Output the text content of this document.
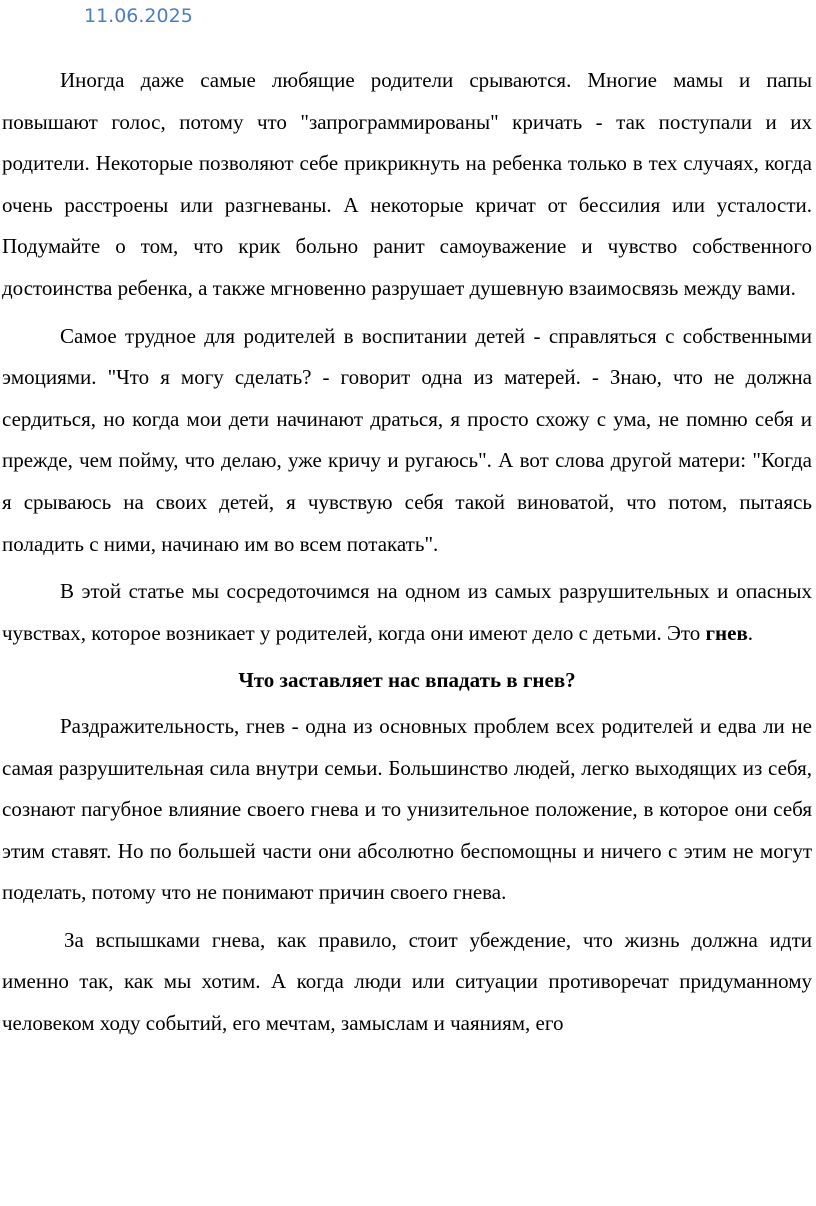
11.06.2025

Иногда даже самые любящие родители срываются. Многие мамы и папы повышают голос, потому что "запрограммированы" кричать - так поступали и их родители. Некоторые позволяют себе прикрикнуть на ребенка только в тех случаях, когда очень расстроены или разгневаны. А некоторые кричат от бессилия или усталости. Подумайте о том, что крик больно ранит самоуважение и чувство собственного достоинства ребенка, а также мгновенно разрушает душевную взаимосвязь между вами.

Самое трудное для родителей в воспитании детей - справляться с собственными эмоциями. "Что я могу сделать? - говорит одна из матерей. - Знаю, что не должна сердиться, но когда мои дети начинают драться, я просто схожу с ума, не помню себя и прежде, чем пойму, что делаю, уже кричу и ругаюсь". А вот слова другой матери: "Когда я срываюсь на своих детей, я чувствую себя такой виноватой, что потом, пытаясь поладить с ними, начинаю им во всем потакать".

В этой статье мы сосредоточимся на одном из самых разрушительных и опасных чувствах, которое возникает у родителей, когда они имеют дело с детьми. Это гнев.

Что заставляет нас впадать в гнев?

Раздражительность, гнев - одна из основных проблем всех родителей и едва ли не самая разрушительная сила внутри семьи. Большинство людей, легко выходящих из себя, сознают пагубное влияние своего гнева и то унизительное положение, в которое они себя этим ставят. Но по большей части они абсолютно беспомощны и ничего с этим не могут поделать, потому что не понимают причин своего гнева.

За вспышками гнева, как правило, стоит убеждение, что жизнь должна идти именно так, как мы хотим. А когда люди или ситуации противоречат придуманному человеком ходу событий, его мечтам, замыслам и чаяниям, его
